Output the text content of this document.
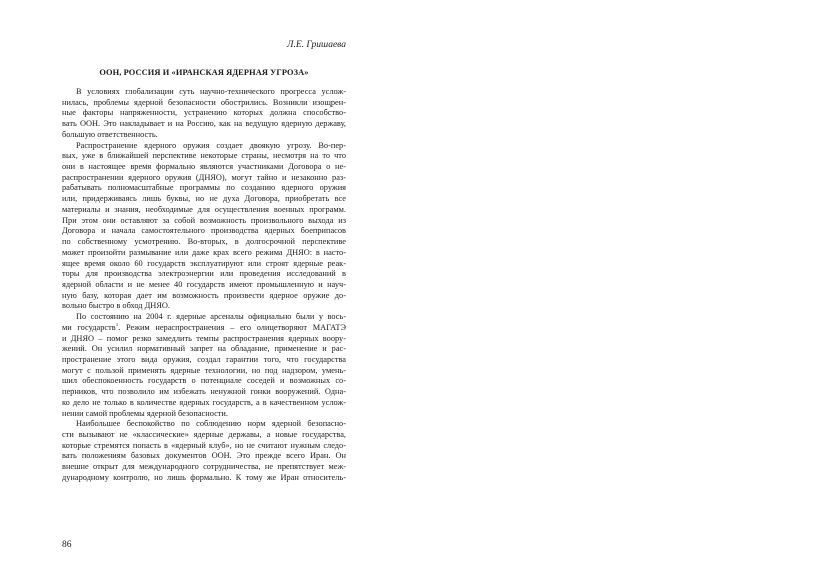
Л.Е. Гришаева
ООН, РОССИЯ И «ИРАНСКАЯ ЯДЕРНАЯ УГРОЗА»
В условиях глобализации суть научно-технического прогресса услож-
нилась, проблемы ядерной безопасности обострились. Возникли изощрен-
ные факторы напряженности, устранению которых должна способство-
вать ООН. Это накладывает и на Россию, как на ведущую ядерную державу,
большую ответственность.
Распространение ядерного оружия создает двоякую угрозу. Во-пер-
вых, уже в ближайшей перспективе некоторые страны, несмотря на то что
они в настоящее время формально являются участниками Договора о не-
распространении ядерного оружия (ДНЯО), могут тайно и незаконно раз-
рабатывать полномасштабные программы по созданию ядерного оружия
или, придерживаясь лишь буквы, но не духа Договора, приобретать все
материалы и знания, необходимые для осуществления военных программ.
При этом они оставляют за собой возможность произвольного выхода из
Договора и начала самостоятельного производства ядерных боеприпасов
по собственному усмотрению. Во-вторых, в долгосрочной перспективе
может произойти размывание или даже крах всего режима ДНЯО: в насто-
ящее время около 60 государств эксплуатируют или строят ядерные реак-
торы для производства электроэнергии или проведения исследований в
ядерной области и не менее 40 государств имеют промышленную и науч-
ную базу, которая дает им возможность произвести ядерное оружие до-
вольно быстро в обход ДНЯО.
По состоянию на 2004 г. ядерные арсеналы официально были у вось-
ми государств$^1$. Режим нераспространения – его олицетворяют МАГАТЭ
и ДНЯО – помог резко замедлить темпы распространения ядерных воору-
жений. Он усилил нормативный запрет на обладание, применение и рас-
пространение этого вида оружия, создал гарантии того, что государства
могут с пользой применять ядерные технологии, но под надзором, умень-
шил обеспокоенность государств о потенциале соседей и возможных со-
перников, что позволило им избежать ненужной гонки вооружений. Одна-
ко дело не только в количестве ядерных государств, а в качественном услож-
нении самой проблемы ядерной безопасности.
Наибольшее беспокойство по соблюдению норм ядерной безопасно-
сти вызывают не «классические» ядерные державы, а новые государства,
которые стремятся попасть в «ядерный клуб», но не считают нужным следо-
вать положениям базовых документов ООН. Это прежде всего Иран. Он
внешне открыт для международного сотрудничества, не препятствует меж-
дународному контролю, но лишь формально. К тому же Иран относитель-
86
